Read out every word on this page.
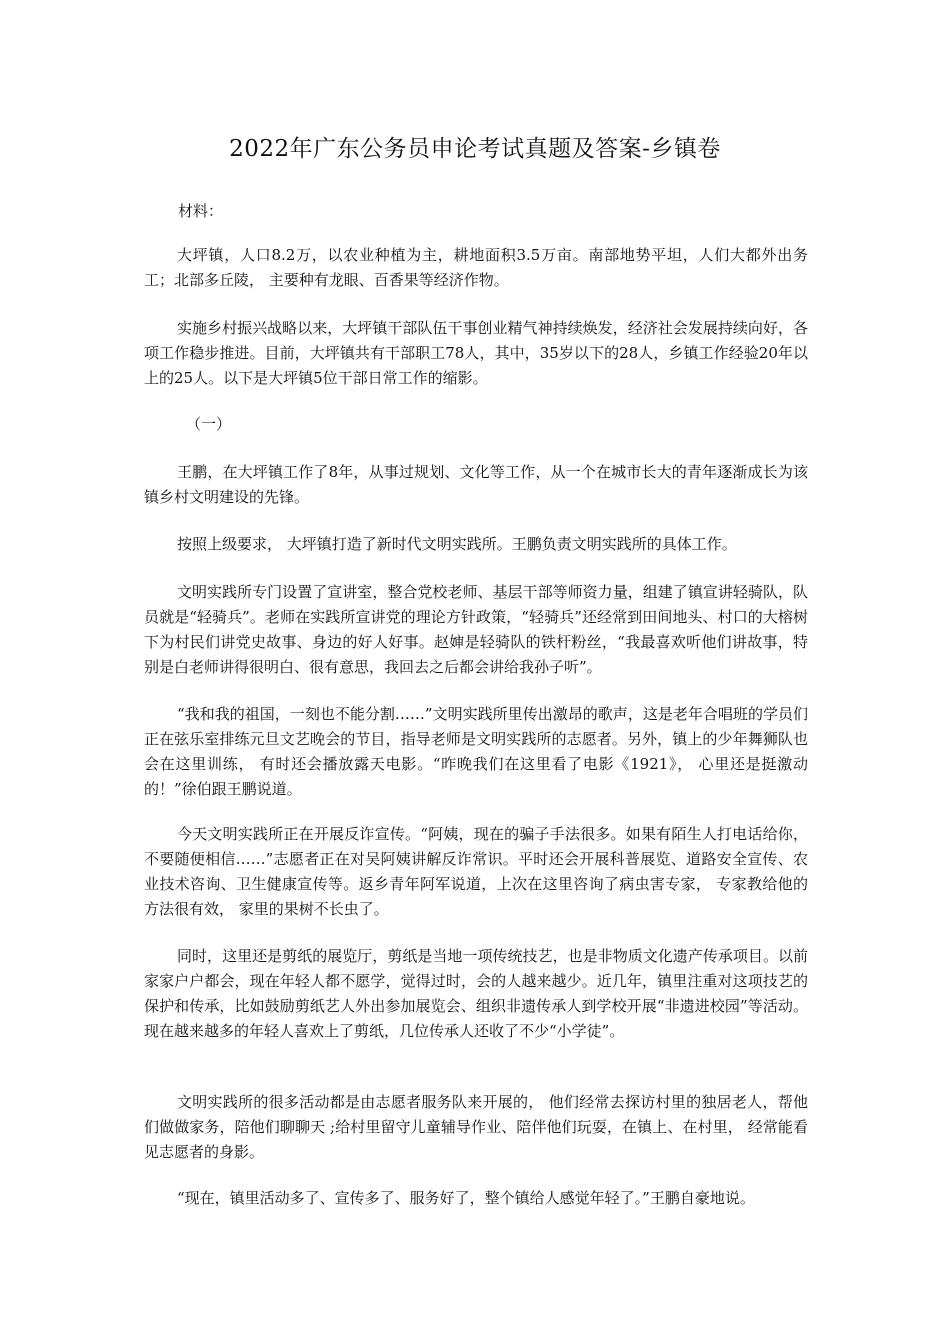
2022年广东公务员申论考试真题及答案-乡镇卷

材料：

大坪镇，人口8.2万，以农业种植为主，耕地面积3.5万亩。南部地势平坦，人们大都外出务工；北部多丘陵， 主要种有龙眼、百香果等经济作物。

实施乡村振兴战略以来，大坪镇干部队伍干事创业精气神持续焕发，经济社会发展持续向好，各项工作稳步推进。目前，大坪镇共有干部职工78人，其中，35岁以下的28人，乡镇工作经验20年以上的25人。以下是大坪镇5位干部日常工作的缩影。

（一）

王鹏，在大坪镇工作了8年，从事过规划、文化等工作，从一个在城市长大的青年逐渐成长为该镇乡村文明建设的先锋。

按照上级要求， 大坪镇打造了新时代文明实践所。王鹏负责文明实践所的具体工作。

文明实践所专门设置了宣讲室，整合党校老师、基层干部等师资力量，组建了镇宣讲轻骑队，队员就是“轻骑兵”。老师在实践所宣讲党的理论方针政策，“轻骑兵”还经常到田间地头、村口的大榕树下为村民们讲党史故事、身边的好人好事。赵婶是轻骑队的铁杆粉丝，“我最喜欢听他们讲故事，特别是白老师讲得很明白、很有意思，我回去之后都会讲给我孙子听”。

“我和我的祖国，一刻也不能分割……”文明实践所里传出激昂的歌声，这是老年合唱班的学员们正在弦乐室排练元旦文艺晚会的节目，指导老师是文明实践所的志愿者。另外，镇上的少年舞狮队也会在这里训练， 有时还会播放露天电影。“昨晚我们在这里看了电影《1921》， 心里还是挺激动的！”徐伯跟王鹏说道。

今天文明实践所正在开展反诈宣传。“阿姨，现在的骗子手法很多。如果有陌生人打电话给你，不要随便相信……”志愿者正在对吴阿姨讲解反诈常识。平时还会开展科普展览、道路安全宣传、农业技术咨询、卫生健康宣传等。返乡青年阿军说道，上次在这里咨询了病虫害专家， 专家教给他的方法很有效， 家里的果树不长虫了。

同时，这里还是剪纸的展览厅，剪纸是当地一项传统技艺，也是非物质文化遗产传承项目。以前家家户户都会，现在年轻人都不愿学，觉得过时，会的人越来越少。近几年，镇里注重对这项技艺的保护和传承，比如鼓励剪纸艺人外出参加展览会、组织非遗传承人到学校开展“非遗进校园”等活动。现在越来越多的年轻人喜欢上了剪纸，几位传承人还收了不少“小学徒”。

文明实践所的很多活动都是由志愿者服务队来开展的， 他们经常去探访村里的独居老人，帮他们做做家务，陪他们聊聊天 ;给村里留守儿童辅导作业、陪伴他们玩耍，在镇上、在村里， 经常能看见志愿者的身影。

“现在，镇里活动多了、宣传多了、服务好了，整个镇给人感觉年轻了。”王鹏自豪地说。
